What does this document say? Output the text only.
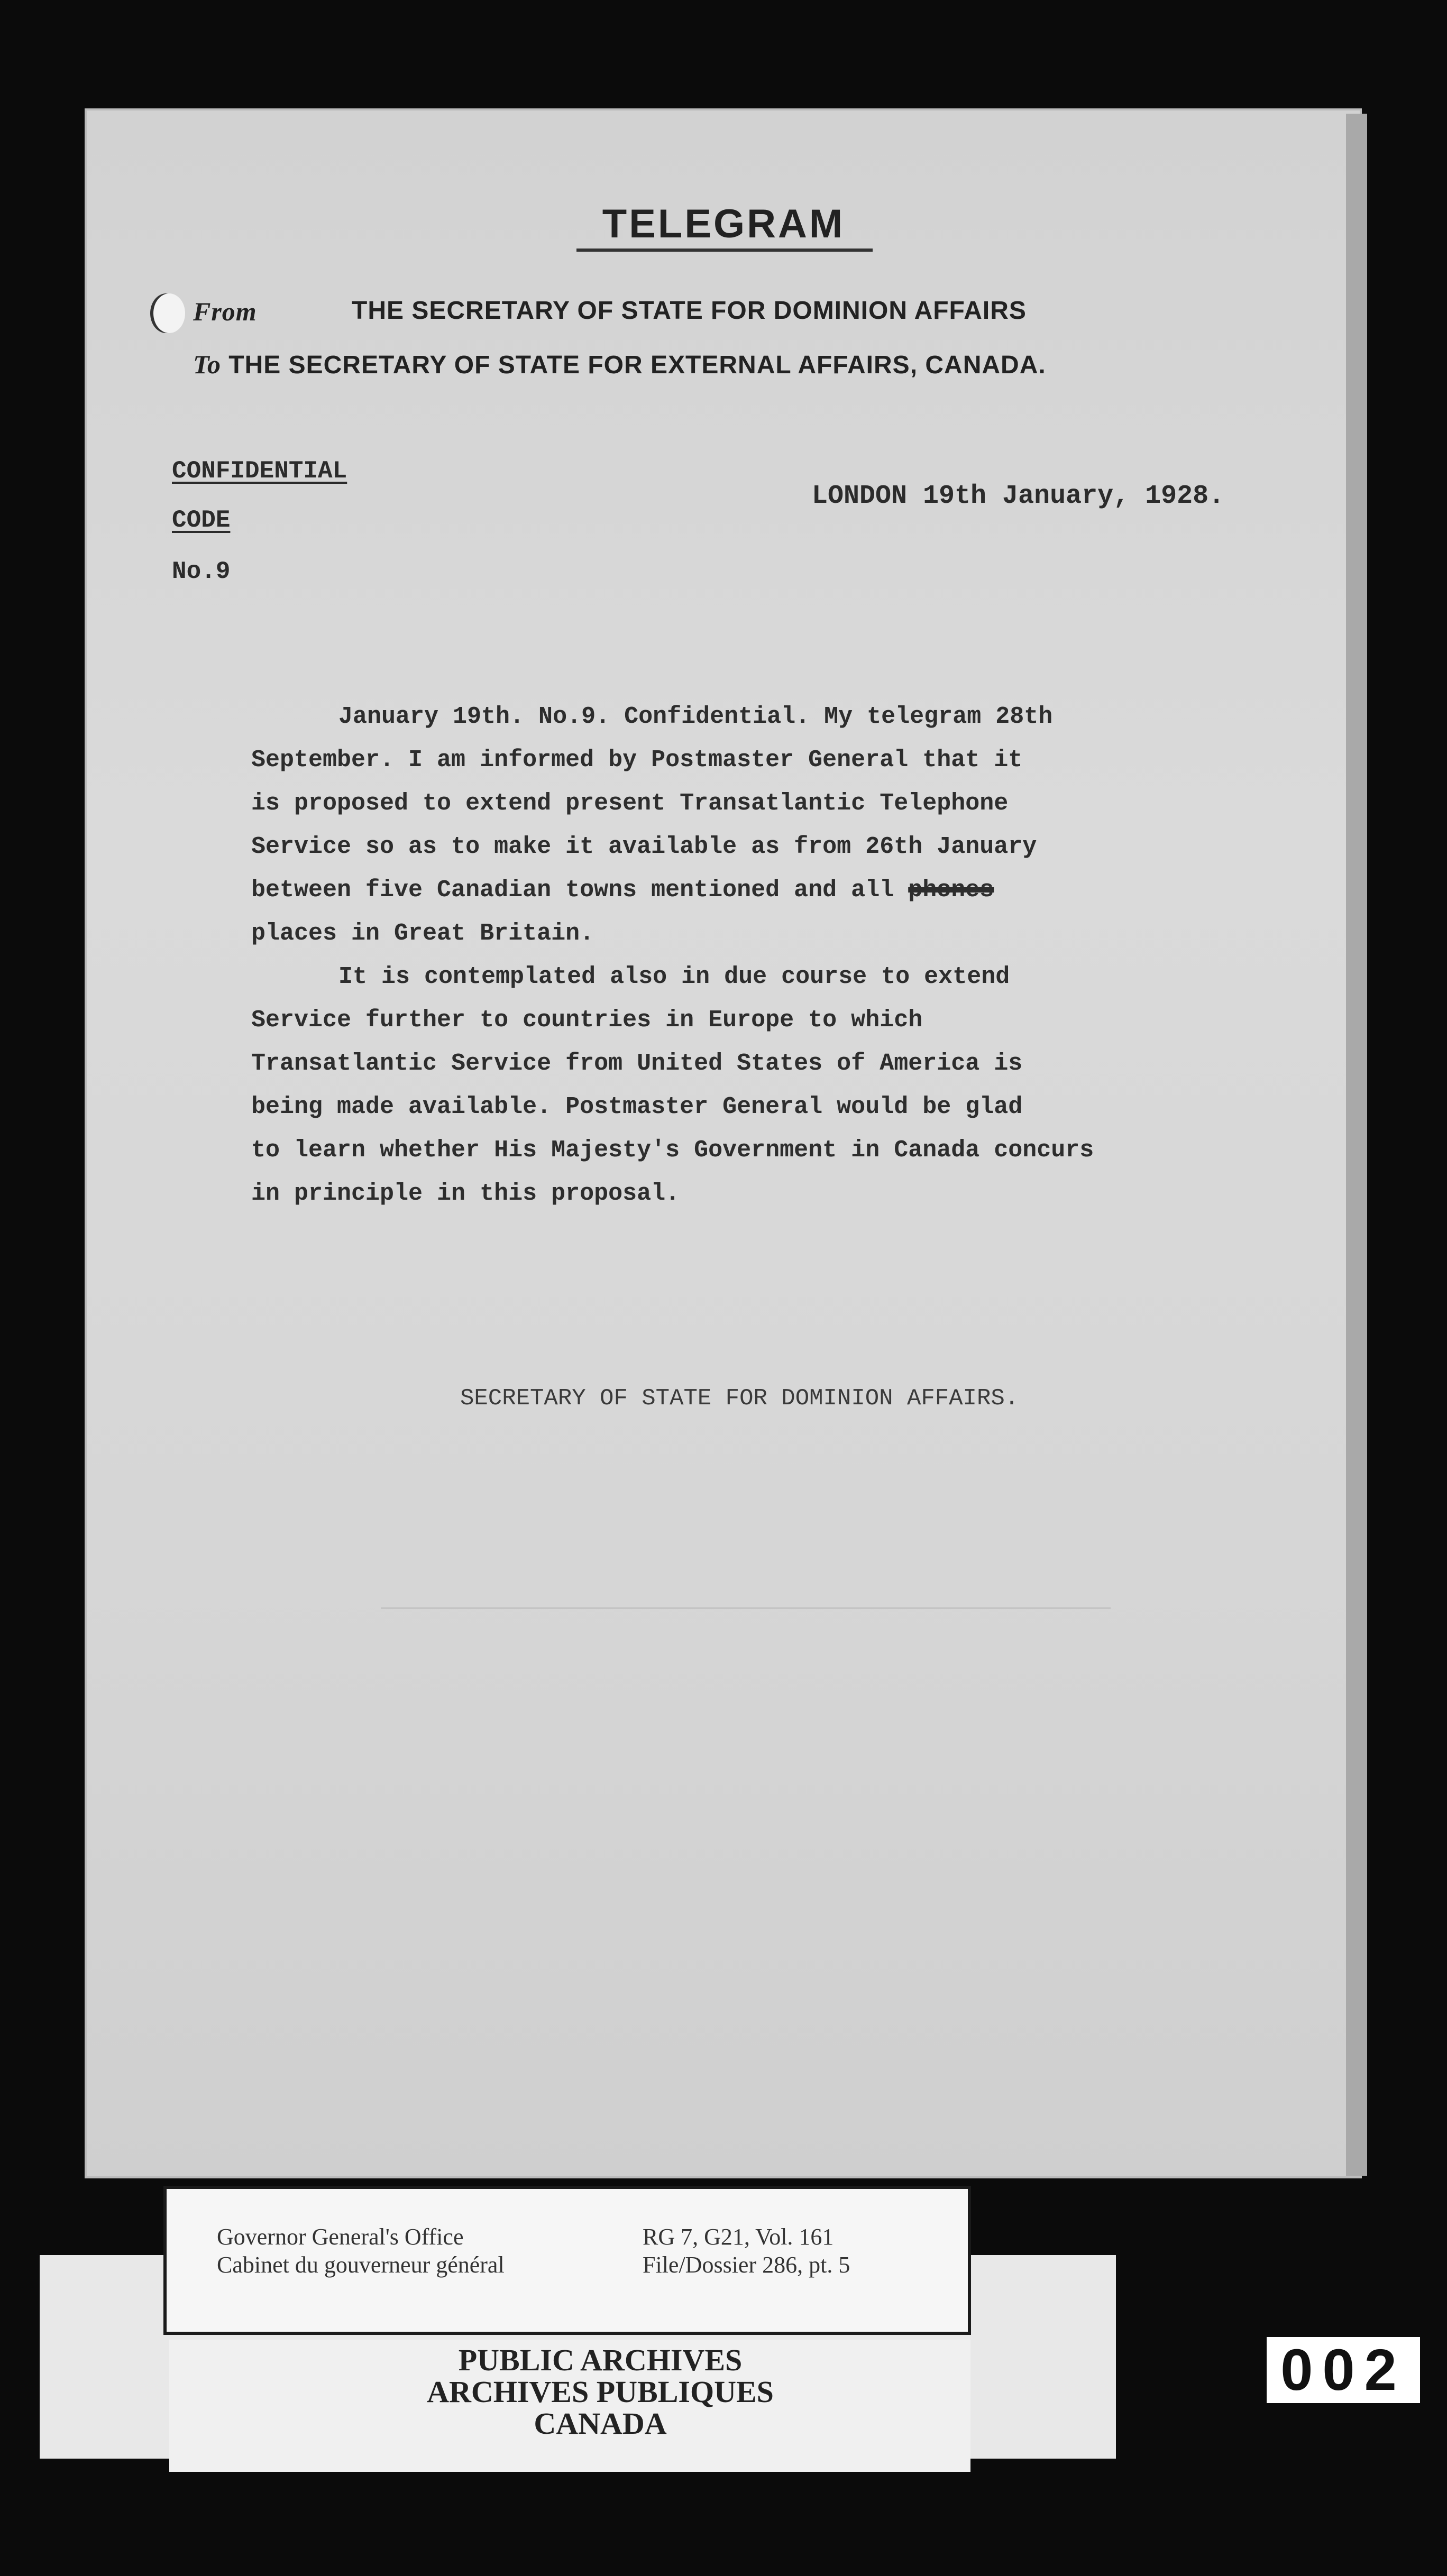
TELEGRAM
From	THE SECRETARY OF STATE FOR DOMINION AFFAIRS
To THE SECRETARY OF STATE FOR EXTERNAL AFFAIRS, CANADA.
CONFIDENTIAL
CODE
No.9
LONDON 19th January, 1928.
January 19th. No.9. Confidential. My telegram 28th
September. I am informed by Postmaster General that it
is proposed to extend present Transatlantic Telephone
Service so as to make it available as from 26th January
between five Canadian towns mentioned and all phones
places in Great Britain.
It is contemplated also in due course to extend
Service further to countries in Europe to which
Transatlantic Service from United States of America is
being made available. Postmaster General would be glad
to learn whether His Majesty's Government in Canada concurs
in principle in this proposal.
SECRETARY OF STATE FOR DOMINION AFFAIRS.
Governor General's Office
Cabinet du gouverneur général
RG 7, G21, Vol. 161
File/Dossier 286, pt. 5
PUBLIC ARCHIVES
ARCHIVES PUBLIQUES
CANADA
002
